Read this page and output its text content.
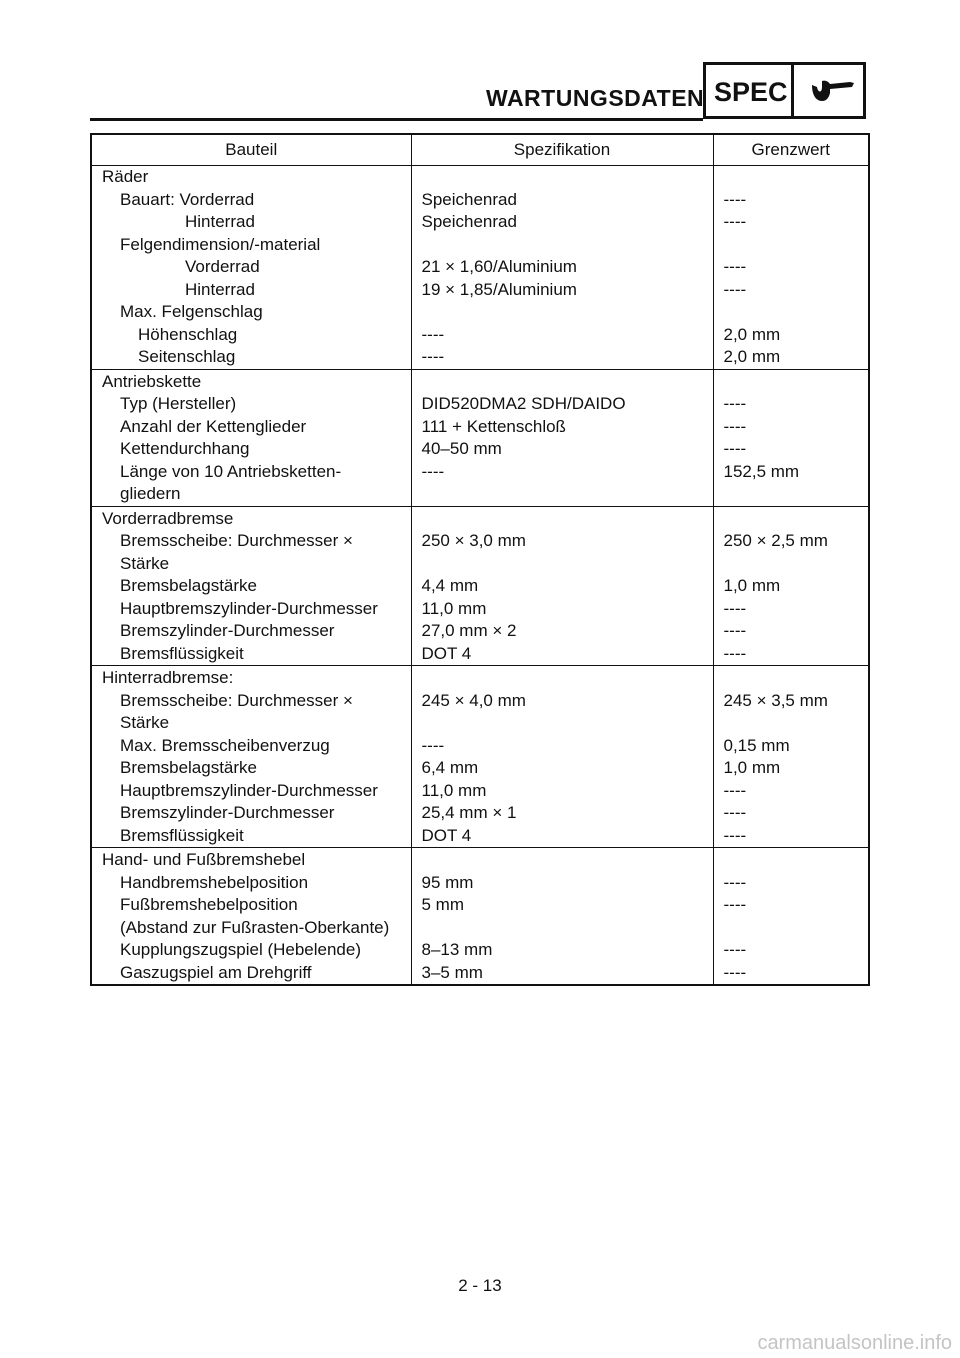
WARTUNGSDATEN SPEC
Bauteil	Spezifikation	Grenzwert
Räder		
Bauart: Vorderrad	Speichenrad	----
Hinterrad	Speichenrad	----
Felgendimension/-material		
Vorderrad	21 × 1,60/Aluminium	----
Hinterrad	19 × 1,85/Aluminium	----
Max. Felgenschlag		
Höhenschlag	----	2,0 mm
Seitenschlag	----	2,0 mm
Antriebskette		
Typ (Hersteller)	DID520DMA2 SDH/DAIDO	----
Anzahl der Kettenglieder	111 + Kettenschloß	----
Kettendurchhang	40–50 mm	----
Länge von 10 Antriebsketten-
gliedern	----	152,5 mm
Vorderradbremse		
Bremsscheibe: Durchmesser ×
Stärke	250 × 3,0 mm	250 × 2,5 mm
Bremsbelagstärke	4,4 mm	1,0 mm
Hauptbremszylinder-Durchmesser	11,0 mm	----
Bremszylinder-Durchmesser	27,0 mm × 2	----
Bremsflüssigkeit	DOT 4	----
Hinterradbremse:		
Bremsscheibe: Durchmesser ×
Stärke	245 × 4,0 mm	245 × 3,5 mm
Max. Bremsscheibenverzug	----	0,15 mm
Bremsbelagstärke	6,4 mm	1,0 mm
Hauptbremszylinder-Durchmesser	11,0 mm	----
Bremszylinder-Durchmesser	25,4 mm × 1	----
Bremsflüssigkeit	DOT 4	----
Hand- und Fußbremshebel		
Handbremshebelposition	95 mm	----
Fußbremshebelposition	5 mm	----
(Abstand zur Fußrasten-Oberkante)		
Kupplungszugspiel (Hebelende)	8–13 mm	----
Gaszugspiel am Drehgriff	3–5 mm	----
2 - 13
carmanualsonline.info
